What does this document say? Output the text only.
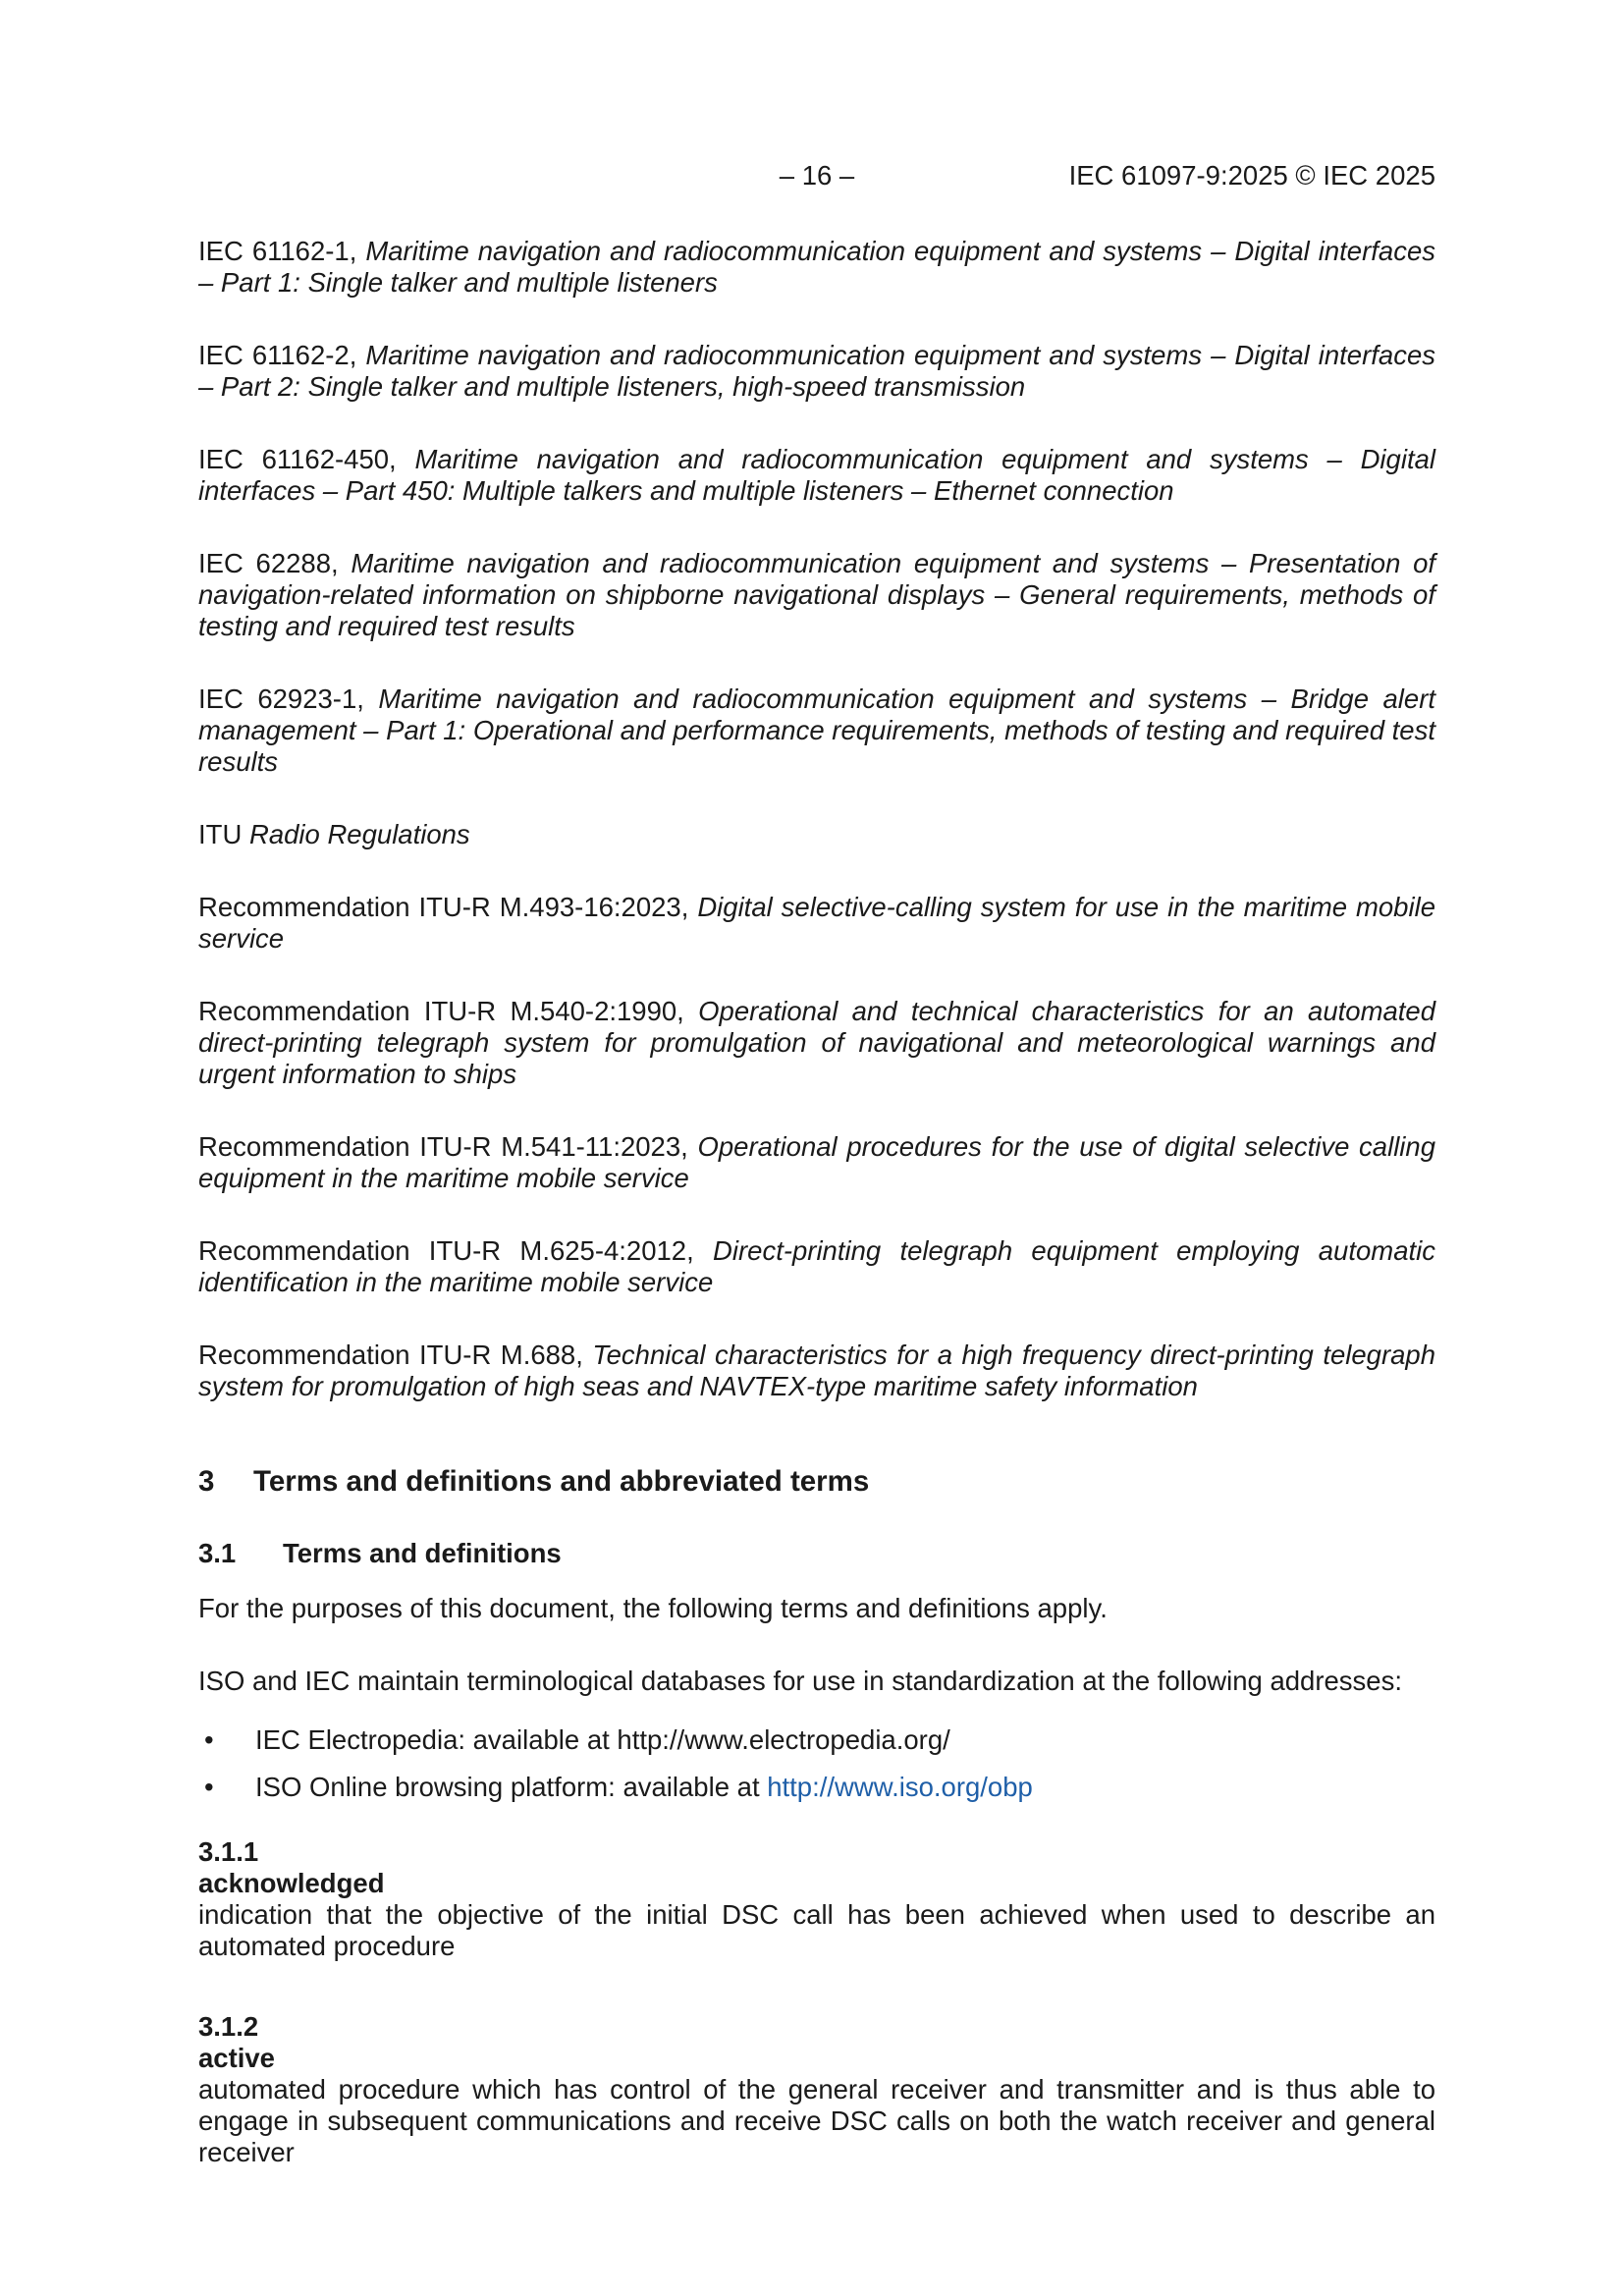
– 16 –	IEC 61097-9:2025 © IEC 2025

IEC 61162-1, Maritime navigation and radiocommunication equipment and systems – Digital interfaces – Part 1: Single talker and multiple listeners

IEC 61162-2, Maritime navigation and radiocommunication equipment and systems – Digital interfaces – Part 2: Single talker and multiple listeners, high-speed transmission

IEC 61162-450, Maritime navigation and radiocommunication equipment and systems – Digital interfaces – Part 450: Multiple talkers and multiple listeners – Ethernet connection

IEC 62288, Maritime navigation and radiocommunication equipment and systems – Presentation of navigation-related information on shipborne navigational displays – General requirements, methods of testing and required test results

IEC 62923-1, Maritime navigation and radiocommunication equipment and systems – Bridge alert management – Part 1: Operational and performance requirements, methods of testing and required test results

ITU Radio Regulations

Recommendation ITU-R M.493-16:2023, Digital selective-calling system for use in the maritime mobile service

Recommendation ITU-R M.540-2:1990, Operational and technical characteristics for an automated direct-printing telegraph system for promulgation of navigational and meteorological warnings and urgent information to ships

Recommendation ITU-R M.541-11:2023, Operational procedures for the use of digital selective calling equipment in the maritime mobile service

Recommendation ITU-R M.625-4:2012, Direct-printing telegraph equipment employing automatic identification in the maritime mobile service

Recommendation ITU-R M.688, Technical characteristics for a high frequency direct-printing telegraph system for promulgation of high seas and NAVTEX-type maritime safety information

3 Terms and definitions and abbreviated terms
3.1 Terms and definitions

For the purposes of this document, the following terms and definitions apply.

ISO and IEC maintain terminological databases for use in standardization at the following addresses:

• IEC Electropedia: available at http://www.electropedia.org/
• ISO Online browsing platform: available at http://www.iso.org/obp
3.1.1
acknowledged
indication that the objective of the initial DSC call has been achieved when used to describe an automated procedure
3.1.2
active
automated procedure which has control of the general receiver and transmitter and is thus able to engage in subsequent communications and receive DSC calls on both the watch receiver and general receiver
